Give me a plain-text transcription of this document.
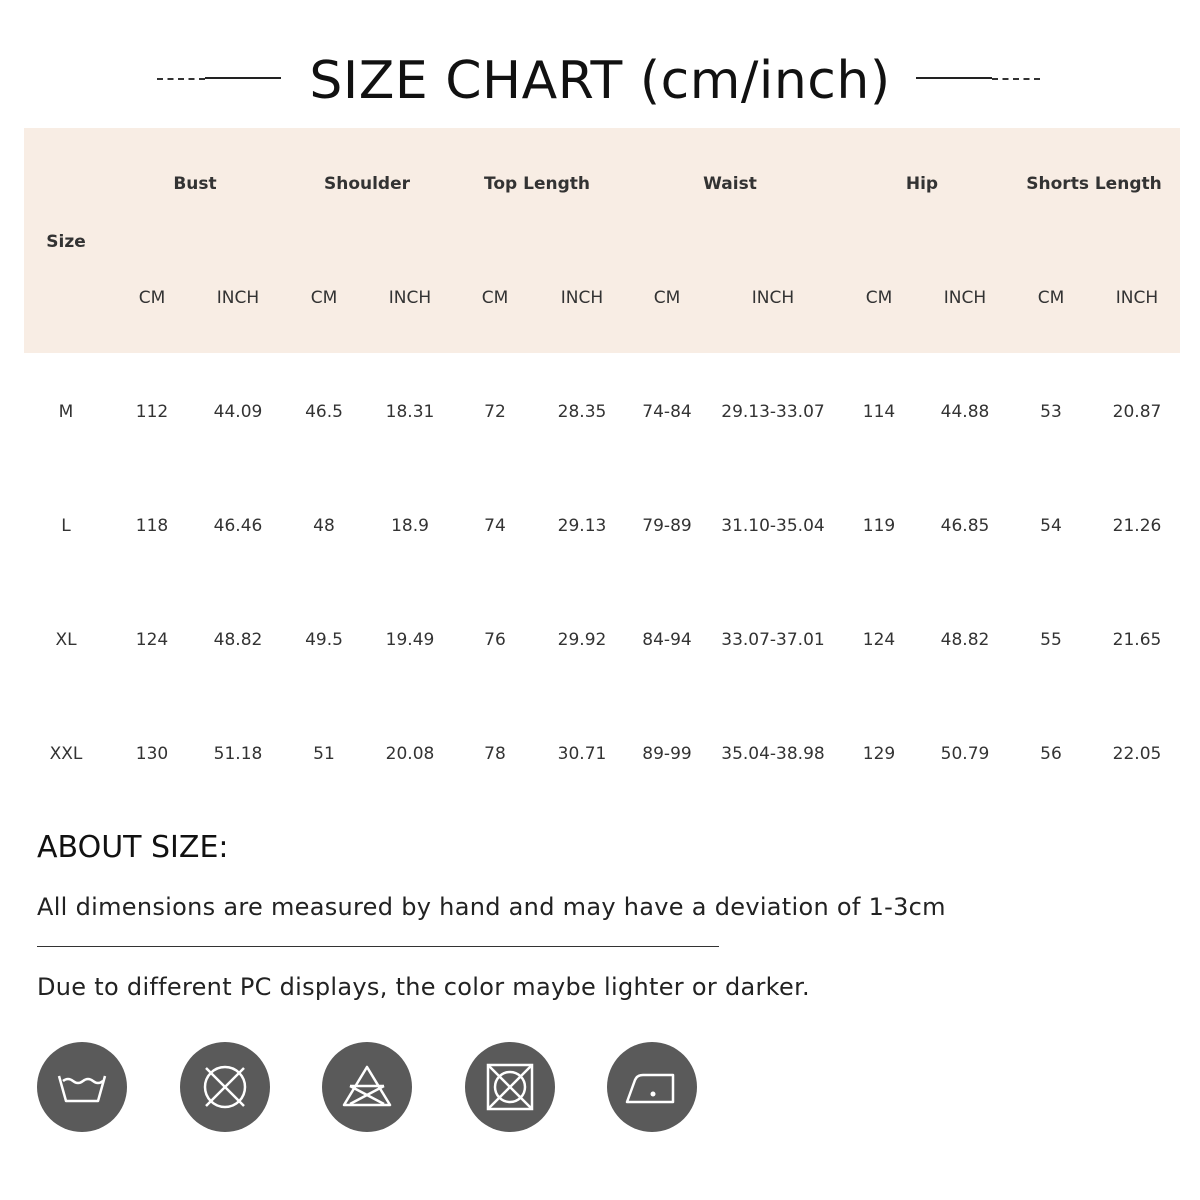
SIZE CHART (cm/inch)
Size
Bust	Shoulder	Top Length	Waist	Hip	Shorts Length
CM	INCH	CM	INCH	CM	INCH	CM	INCH	CM	INCH	CM	INCH
M	112	44.09	46.5	18.31	72	28.35	74-84	29.13-33.07	114	44.88	53	20.87
L	118	46.46	48	18.9	74	29.13	79-89	31.10-35.04	119	46.85	54	21.26
XL	124	48.82	49.5	19.49	76	29.92	84-94	33.07-37.01	124	48.82	55	21.65
XXL	130	51.18	51	20.08	78	30.71	89-99	35.04-38.98	129	50.79	56	22.05
ABOUT SIZE:
All dimensions are measured by hand and may have a deviation of 1-3cm
Due to different PC displays, the color maybe lighter or darker.
